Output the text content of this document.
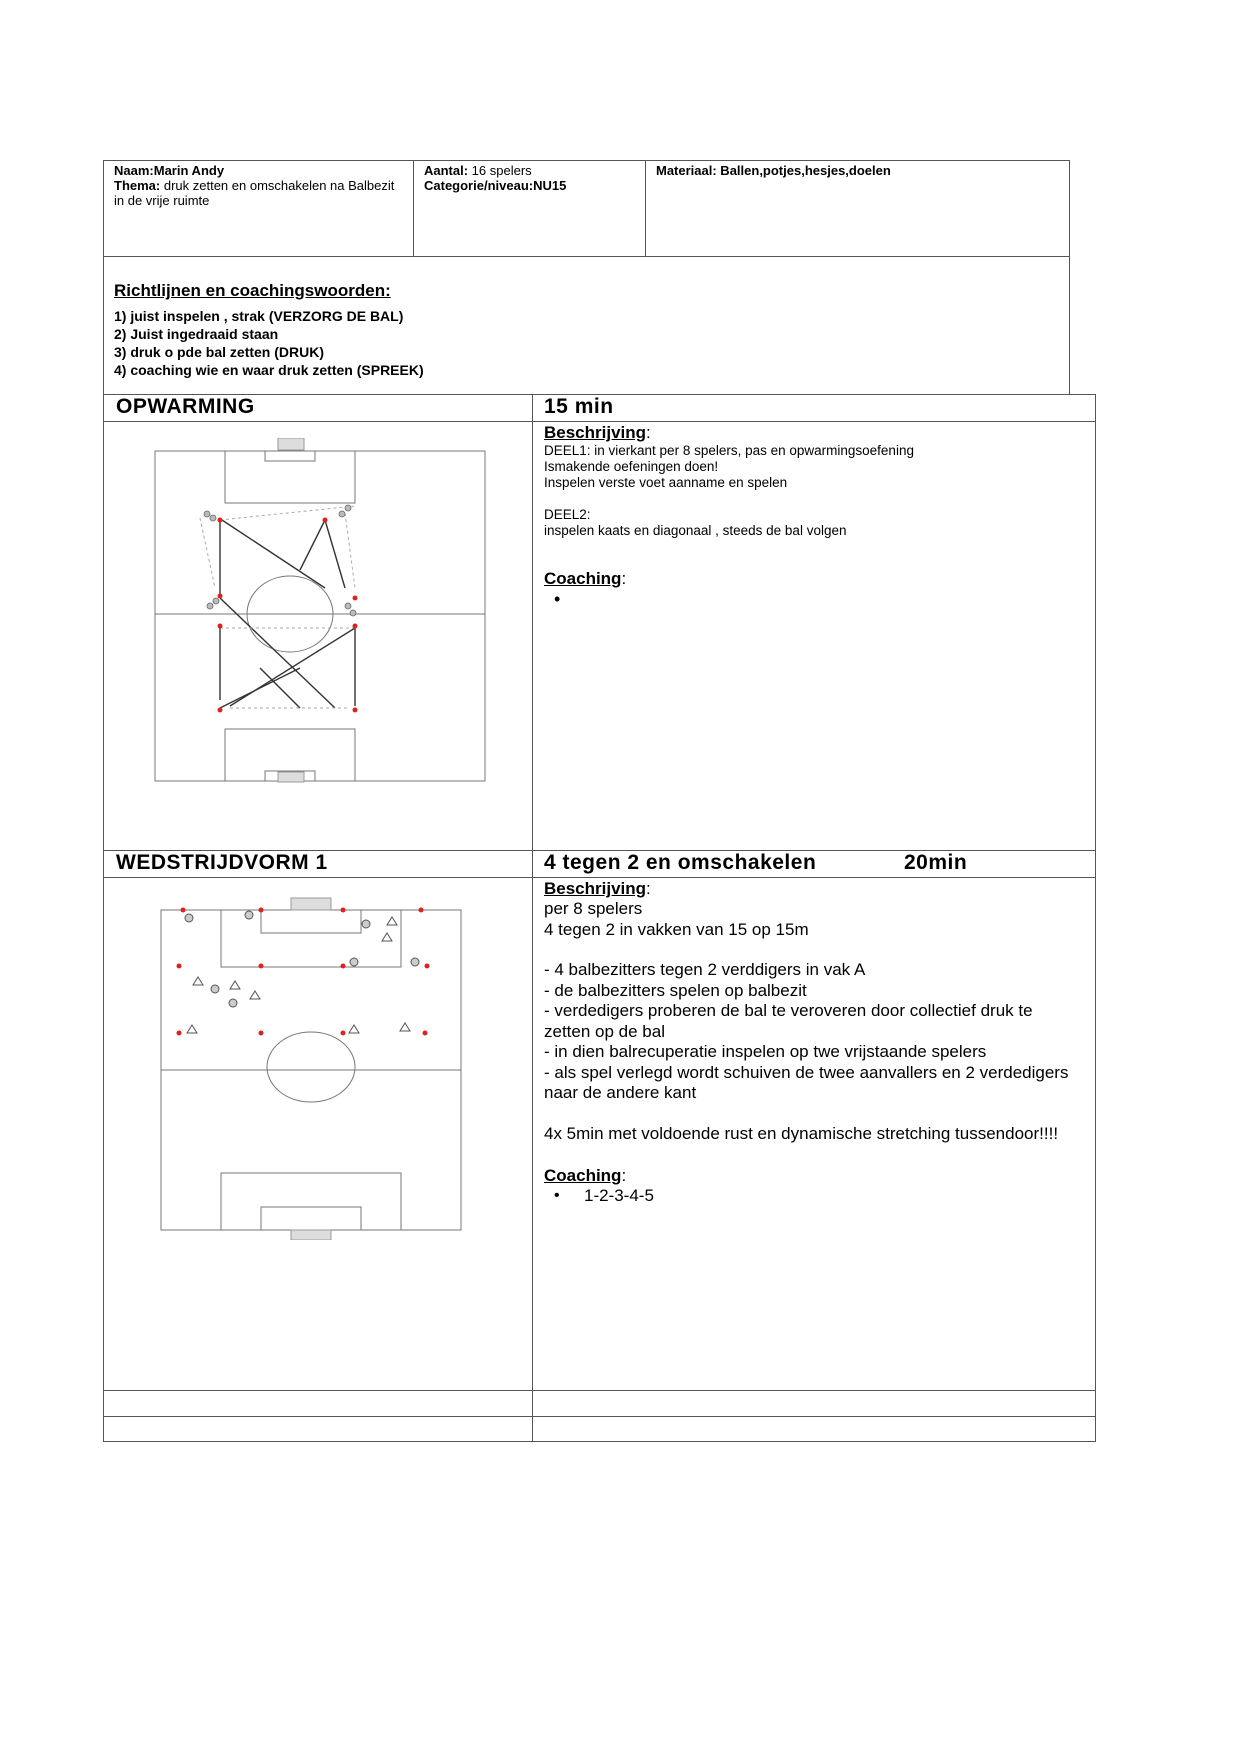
Naam:Marin Andy
Thema: druk zetten en omschakelen na Balbezit in de vrije ruimte
Aantal: 16 spelers
Categorie/niveau:NU15
Materiaal: Ballen,potjes,hesjes,doelen
Richtlijnen en coachingswoorden:
1) juist inspelen , strak (VERZORG DE BAL)
2) Juist ingedraaid staan
3) druk o pde bal zetten (DRUK)
4) coaching wie en waar druk zetten (SPREEK)
OPWARMING	15 min
Beschrijving:
DEEL1: in vierkant per 8 spelers, pas en opwarmingsoefening
Ismakende oefeningen doen!
Inspelen verste voet aanname en spelen
DEEL2:
inspelen kaats en diagonaal , steeds de bal volgen
Coaching:
•
WEDSTRIJDVORM 1	4 tegen 2 en omschakelen	20min
Beschrijving:
per 8 spelers
4 tegen 2 in vakken van 15 op 15m
- 4 balbezitters tegen 2 verddigers in vak A
- de balbezitters spelen op balbezit
- verdedigers proberen de bal te veroveren door collectief druk te zetten op de bal
- in dien balrecuperatie inspelen op twe vrijstaande spelers
- als spel verlegd wordt schuiven de twee aanvallers en 2 verdedigers naar de andere kant
4x 5min met voldoende rust en dynamische stretching tussendoor!!!!
Coaching:
•	1-2-3-4-5
